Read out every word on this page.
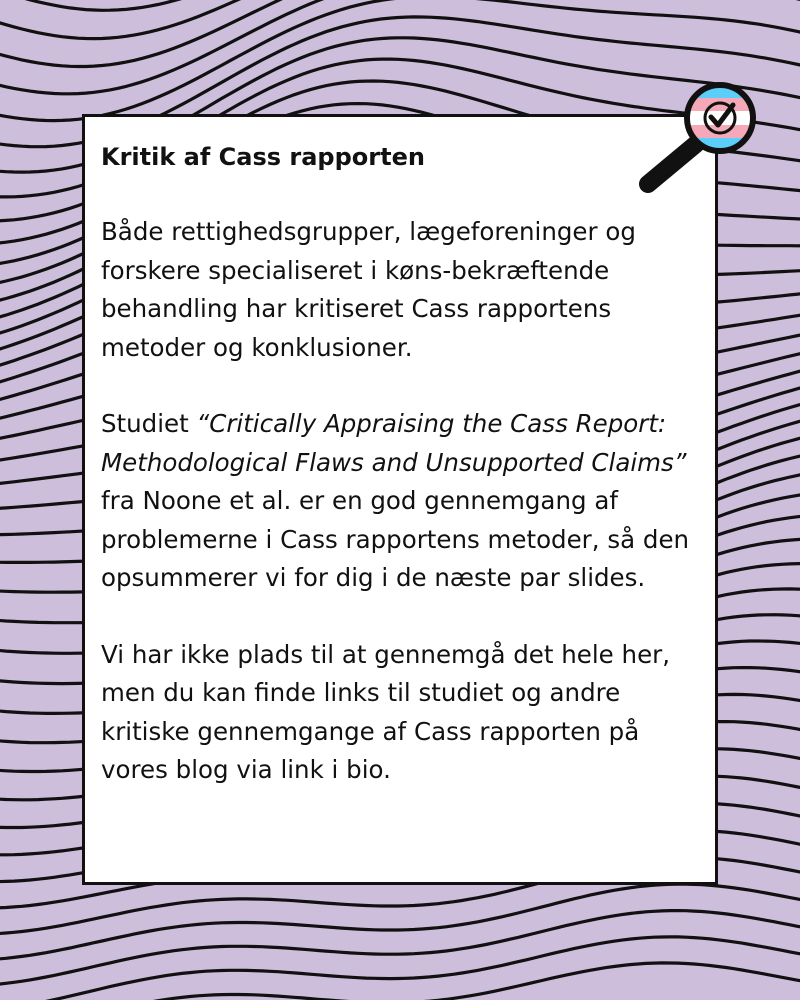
Kritik af Cass rapporten

Både rettighedsgrupper, lægeforeninger og forskere specialiseret i køns-bekræftende behandling har kritiseret Cass rapportens metoder og konklusioner.

Studiet “Critically Appraising the Cass Report: Methodological Flaws and Unsupported Claims” fra Noone et al. er en god gennemgang af problemerne i Cass rapportens metoder, så den opsummerer vi for dig i de næste par slides.

Vi har ikke plads til at gennemgå det hele her, men du kan finde links til studiet og andre kritiske gennemgange af Cass rapporten på vores blog via link i bio.
